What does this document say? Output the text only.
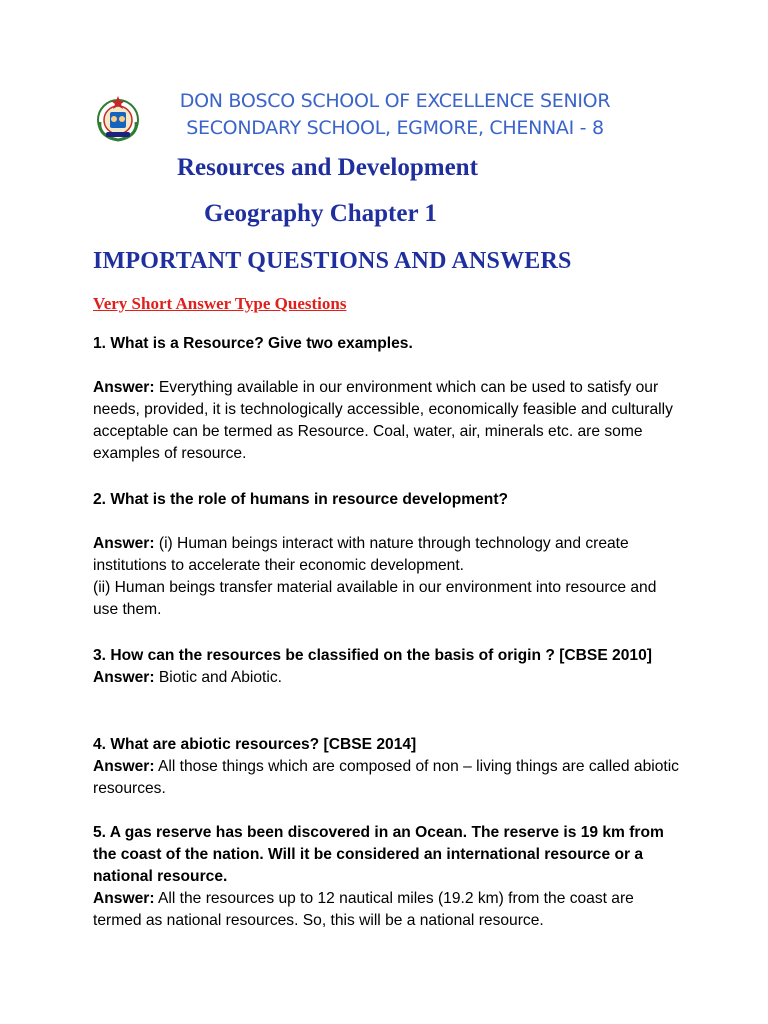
DON BOSCO SCHOOL OF EXCELLENCE SENIOR
SECONDARY SCHOOL, EGMORE, CHENNAI - 8
Resources and Development
Geography Chapter 1
IMPORTANT QUESTIONS AND ANSWERS
Very Short Answer Type Questions

1. What is a Resource? Give two examples.

Answer: Everything available in our environment which can be used to satisfy our needs, provided, it is technologically accessible, economically feasible and culturally acceptable can be termed as Resource. Coal, water, air, minerals etc. are some examples of resource.

2. What is the role of humans in resource development?

Answer: (i) Human beings interact with nature through technology and create institutions to accelerate their economic development.

(ii) Human beings transfer material available in our environment into resource and use them.

3. How can the resources be classified on the basis of origin ? [CBSE 2010]

Answer: Biotic and Abiotic.

4. What are abiotic resources? [CBSE 2014]

Answer: All those things which are composed of non – living things are called abiotic resources.

5. A gas reserve has been discovered in an Ocean. The reserve is 19 km from the coast of the nation. Will it be considered an international resource or a national resource.

Answer: All the resources up to 12 nautical miles (19.2 km) from the coast are termed as national resources. So, this will be a national resource.
